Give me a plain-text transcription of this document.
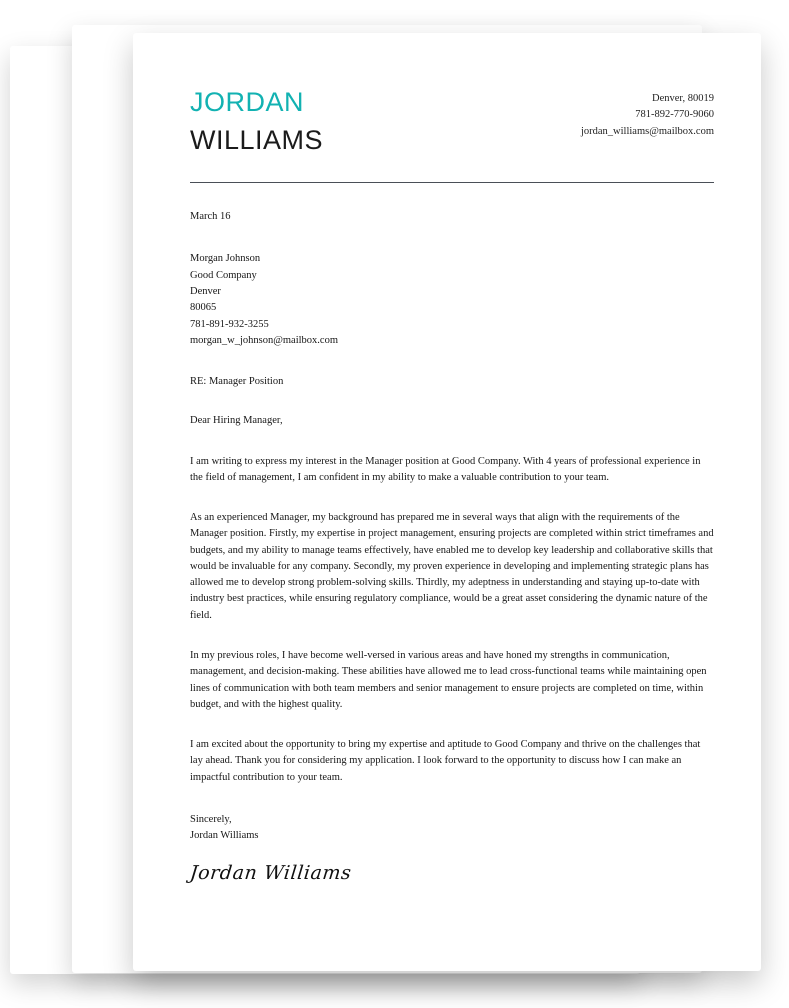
JORDAN
WILLIAMS
Denver, 80019
781-892-770-9060
jordan_williams@mailbox.com
March 16
Morgan Johnson
Good Company
Denver
80065
781-891-932-3255
morgan_w_johnson@mailbox.com
RE: Manager Position
Dear Hiring Manager,
I am writing to express my interest in the Manager position at Good Company. With 4 years of professional experience in the field of management, I am confident in my ability to make a valuable contribution to your team.
As an experienced Manager, my background has prepared me in several ways that align with the requirements of the Manager position. Firstly, my expertise in project management, ensuring projects are completed within strict timeframes and budgets, and my ability to manage teams effectively, have enabled me to develop key leadership and collaborative skills that would be invaluable for any company. Secondly, my proven experience in developing and implementing strategic plans has allowed me to develop strong problem-solving skills. Thirdly, my adeptness in understanding and staying up-to-date with industry best practices, while ensuring regulatory compliance, would be a great asset considering the dynamic nature of the field.
In my previous roles, I have become well-versed in various areas and have honed my strengths in communication, management, and decision-making. These abilities have allowed me to lead cross-functional teams while maintaining open lines of communication with both team members and senior management to ensure projects are completed on time, within budget, and with the highest quality.
I am excited about the opportunity to bring my expertise and aptitude to Good Company and thrive on the challenges that lay ahead. Thank you for considering my application. I look forward to the opportunity to discuss how I can make an impactful contribution to your team.
Sincerely,
Jordan Williams
Jordan Williams
